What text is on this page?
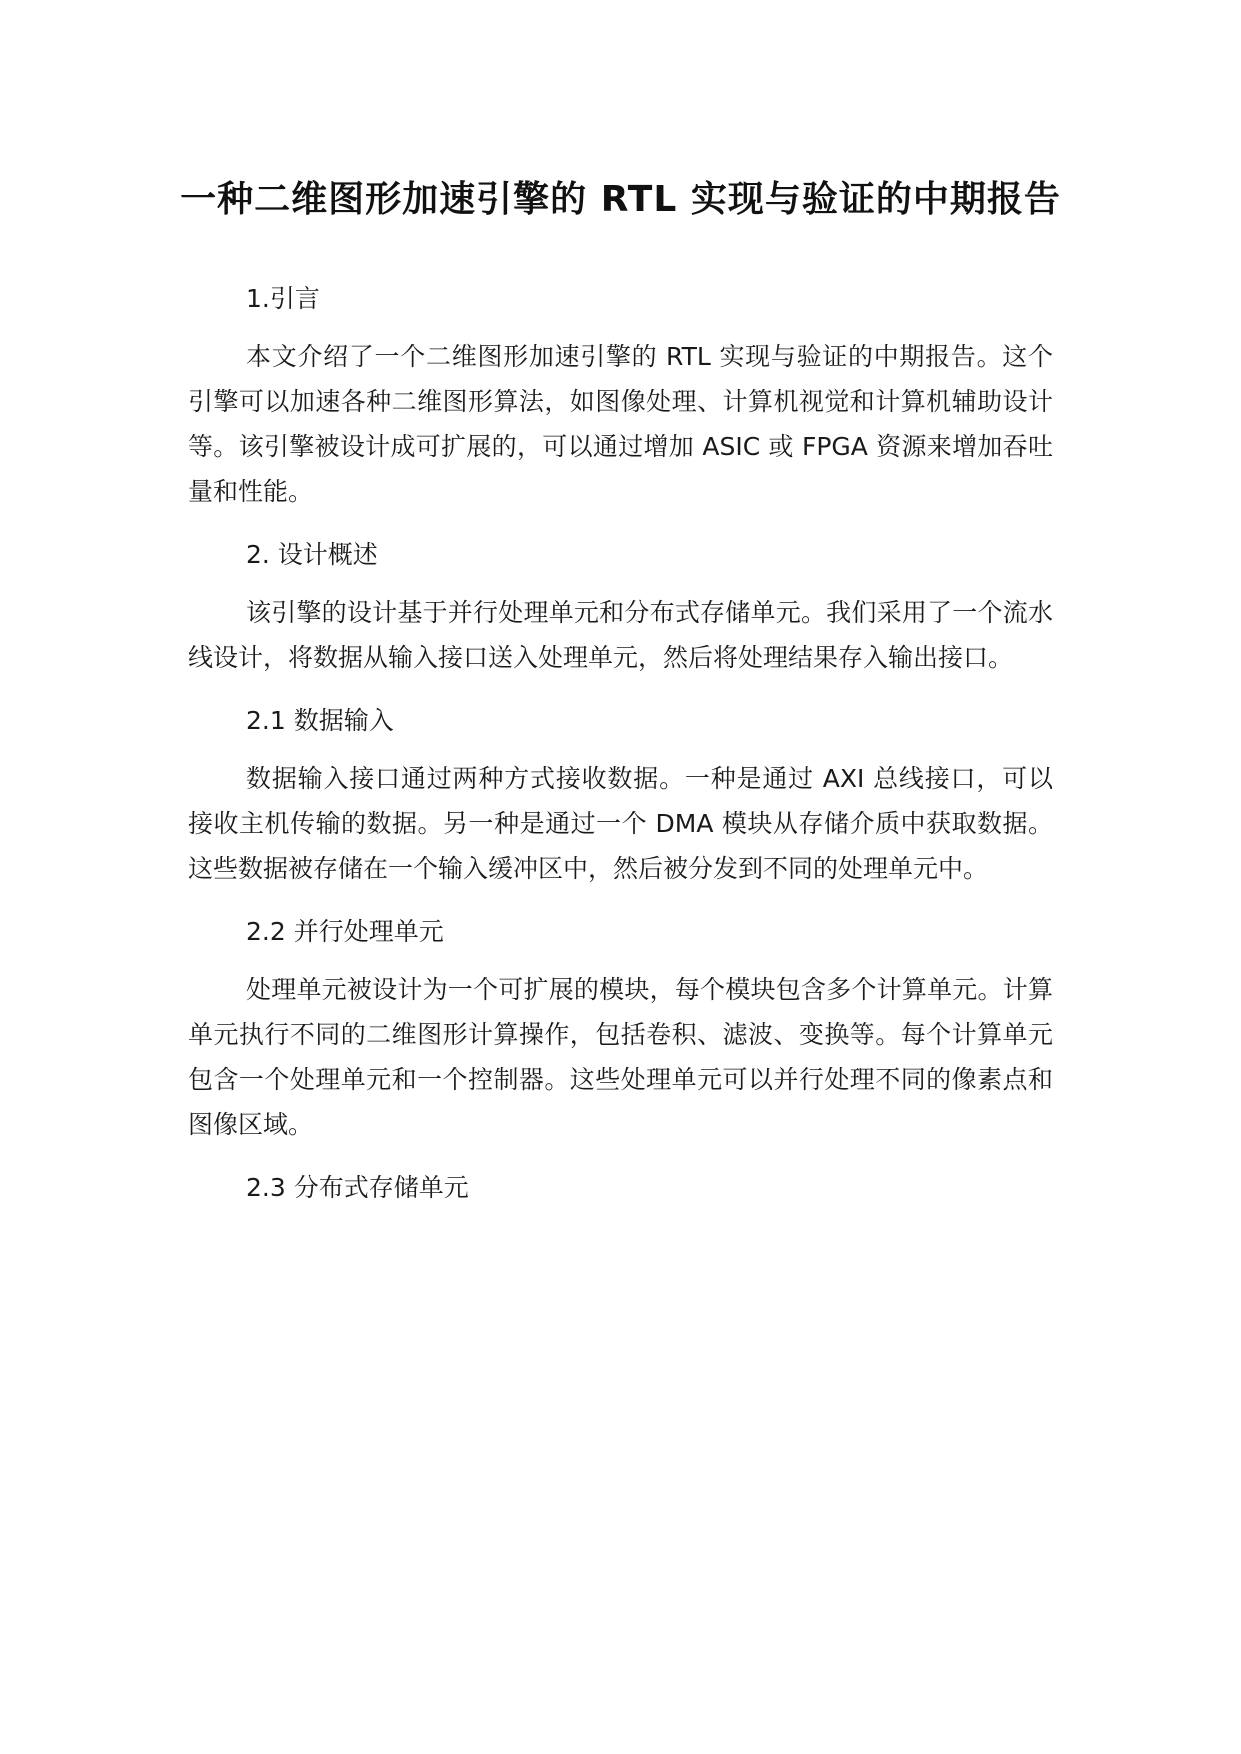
一种二维图形加速引擎的 RTL 实现与验证的中期报告
1.引言
本文介绍了一个二维图形加速引擎的 RTL 实现与验证的中期报告。这个引擎可以加速各种二维图形算法，如图像处理、计算机视觉和计算机辅助设计等。该引擎被设计成可扩展的，可以通过增加 ASIC 或 FPGA 资源来增加吞吐量和性能。
2. 设计概述
该引擎的设计基于并行处理单元和分布式存储单元。我们采用了一个流水线设计，将数据从输入接口送入处理单元，然后将处理结果存入输出接口。
2.1 数据输入
数据输入接口通过两种方式接收数据。一种是通过 AXI 总线接口，可以接收主机传输的数据。另一种是通过一个 DMA 模块从存储介质中获取数据。这些数据被存储在一个输入缓冲区中，然后被分发到不同的处理单元中。
2.2 并行处理单元
处理单元被设计为一个可扩展的模块，每个模块包含多个计算单元。计算单元执行不同的二维图形计算操作，包括卷积、滤波、变换等。每个计算单元包含一个处理单元和一个控制器。这些处理单元可以并行处理不同的像素点和图像区域。
2.3 分布式存储单元
